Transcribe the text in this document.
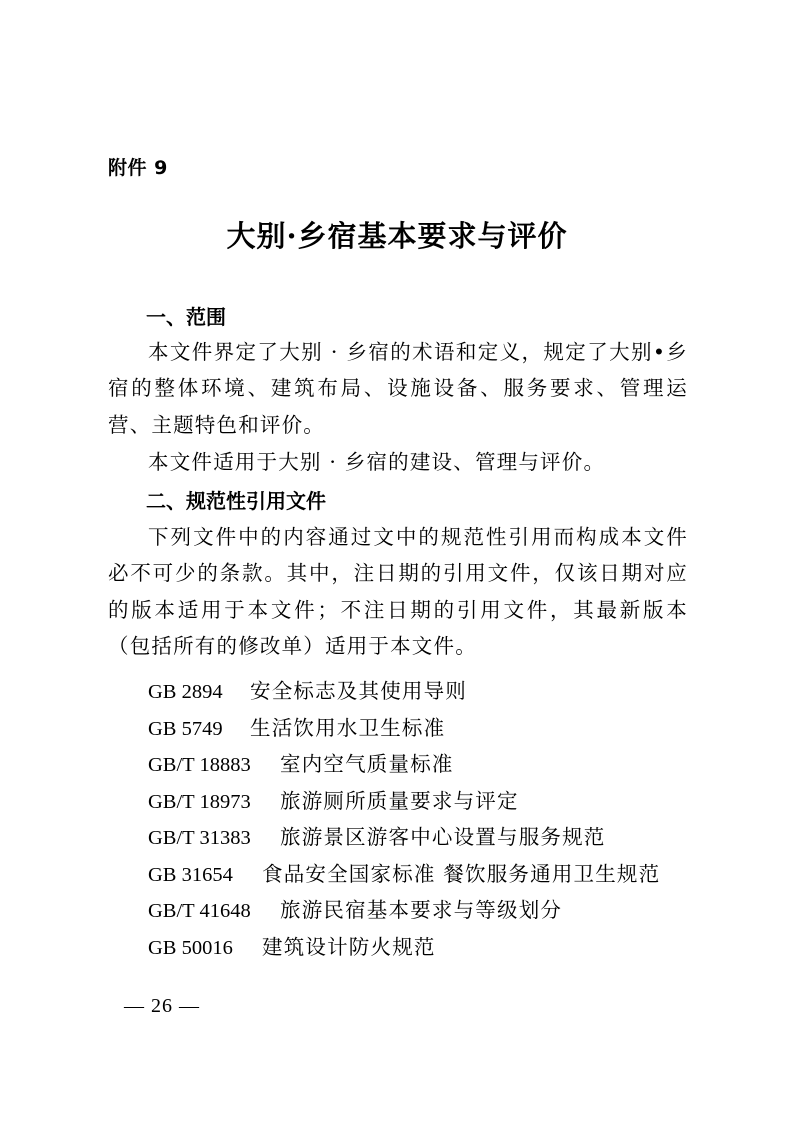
附件 9
大别·乡宿基本要求与评价
一、范围

本文件界定了大别 · 乡宿的术语和定义，规定了大别•乡宿的整体环境、建筑布局、设施设备、服务要求、管理运营、主题特色和评价。

本文件适用于大别 · 乡宿的建设、管理与评价。

二、规范性引用文件

下列文件中的内容通过文中的规范性引用而构成本文件必不可少的条款。其中，注日期的引用文件，仅该日期对应的版本适用于本文件；不注日期的引用文件，其最新版本（包括所有的修改单）适用于本文件。

GB 2894 安全标志及其使用导则
GB 5749 生活饮用水卫生标准
GB/T 18883 室内空气质量标准
GB/T 18973 旅游厕所质量要求与评定
GB/T 31383 旅游景区游客中心设置与服务规范
GB 31654 食品安全国家标准 餐饮服务通用卫生规范
GB/T 41648 旅游民宿基本要求与等级划分
GB 50016 建筑设计防火规范
— 26 —
